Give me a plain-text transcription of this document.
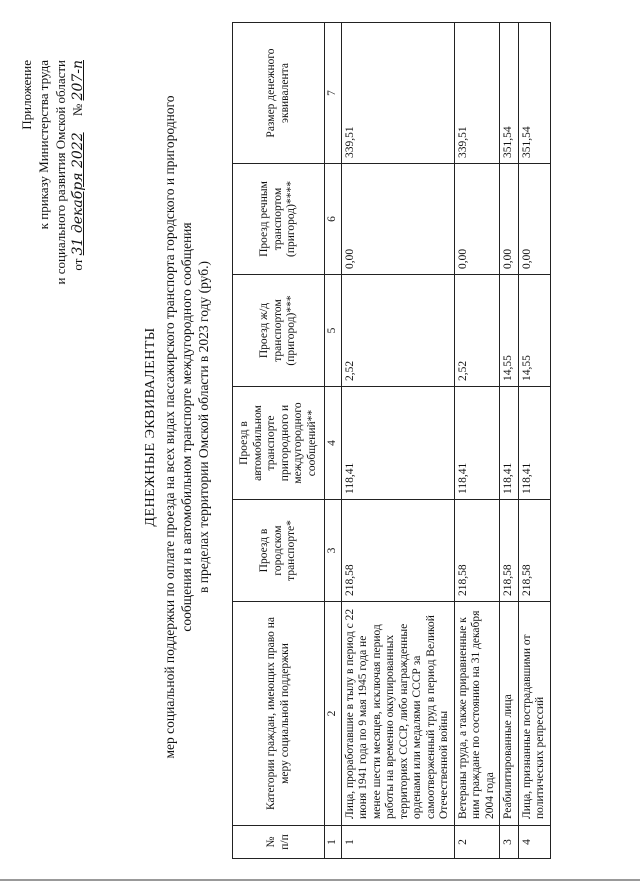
Приложение к приказу Министерства труда и социального развития Омской области от 31 декабря 2022     № 207-п
ДЕНЕЖНЫЕ ЭКВИВАЛЕНТЫ мер социальной поддержки по оплате проезда на всех видах пассажирского транспорта городского и пригородного сообщения и в автомобильном транспорте междугородного сообщения в пределах территории Омской области в 2023 году (руб.)
№ п/п	Категории граждан, имеющих право на меру социальной поддержки	Проезд в городском транспорте*	Проезд в автомобильном транспорте пригородного и междугородного сообщений**	Проезд ж/д транспортом (пригород)***	Проезд речным транспортом (пригород)****	Размер денежного эквивалента
1	2	3	4	5	6	7
1	Лица, проработавшие в тылу в период с 22 июня 1941 года по 9 мая 1945 года не менее шести месяцев, исключая период работы на временно оккупированных территориях СССР, либо награжденные орденами или медалями СССР за самоотверженный труд в период Великой Отечественной войны	218,58	118,41	2,52	0,00	339,51
2	Ветераны труда, а также приравненные к ним граждане по состоянию на 31 декабря 2004 года	218,58	118,41	2,52	0,00	339,51
3	Реабилитированные лица	218,58	118,41	14,55	0,00	351,54
4	Лица, признанные пострадавшими от политических репрессий	218,58	118,41	14,55	0,00	351,54
